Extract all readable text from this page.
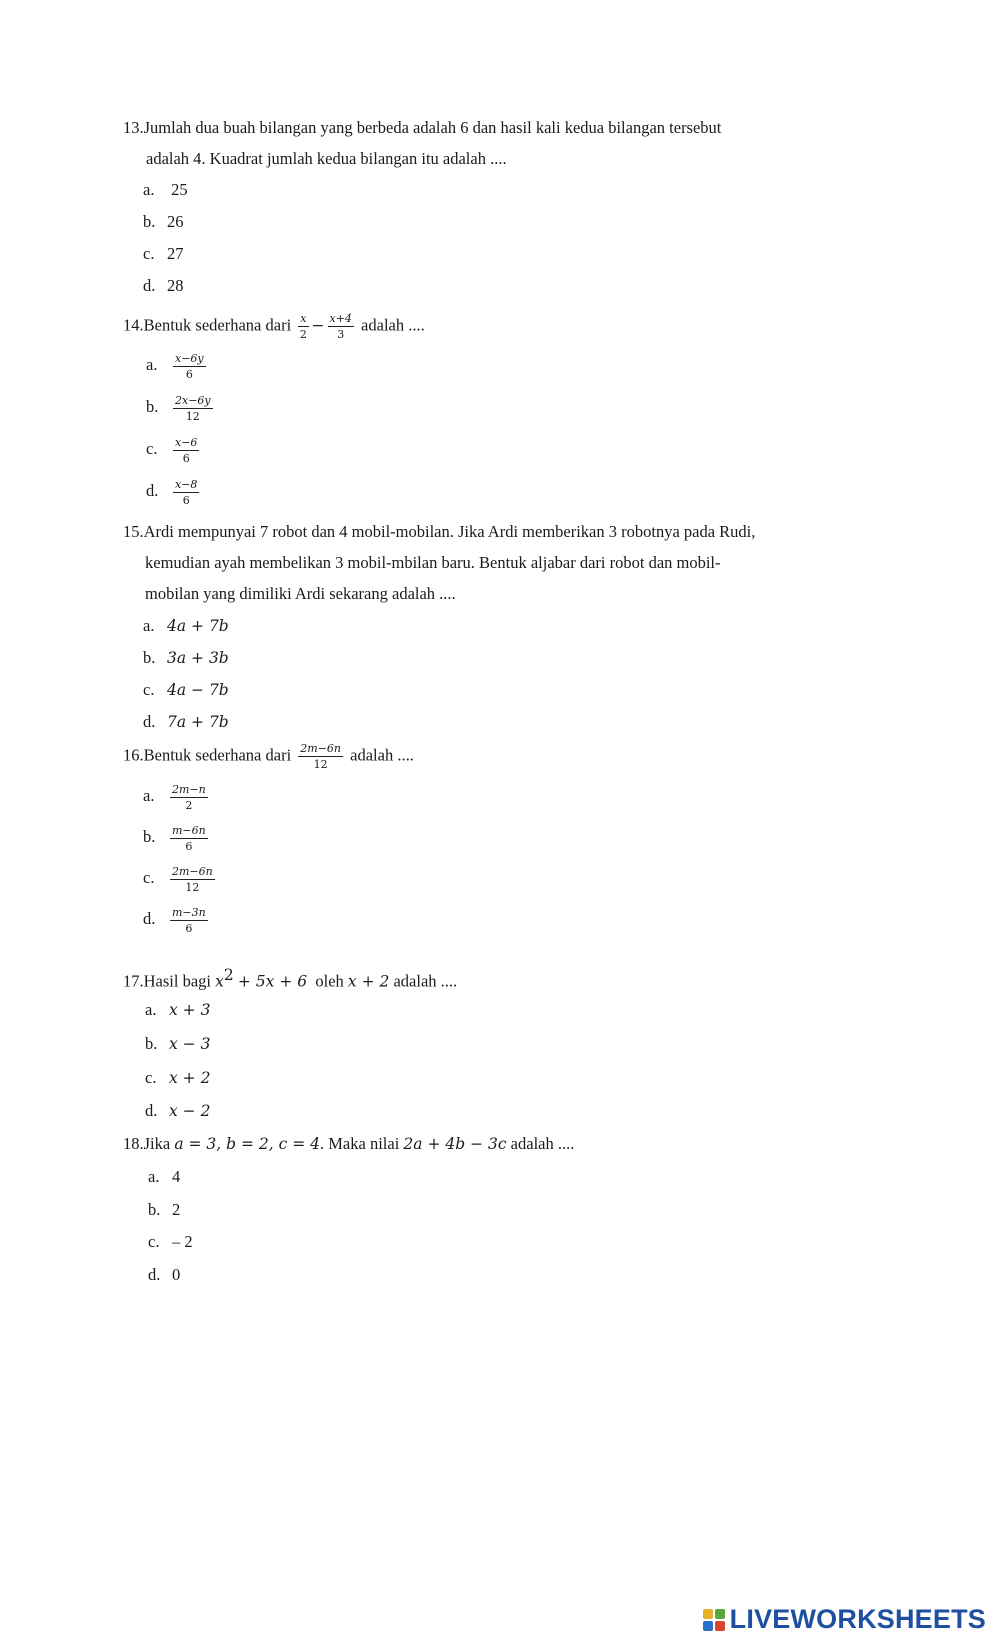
13.Jumlah dua buah bilangan yang berbeda adalah 6 dan hasil kali kedua bilangan tersebut
adalah 4. Kuadrat jumlah kedua bilangan itu adalah ....
a. 25
b. 26
c. 27
d. 28
14.Bentuk sederhana dari $\frac{x}{2} - \frac{x+4}{3}$ adalah ....
a. $\frac{x-6y}{6}$
b. $\frac{2x-6y}{12}$
c. $\frac{x-6}{6}$
d. $\frac{x-8}{6}$
15.Ardi mempunyai 7 robot dan 4 mobil-mobilan. Jika Ardi memberikan 3 robotnya pada Rudi,
kemudian ayah membelikan 3 mobil-mbilan baru. Bentuk aljabar dari robot dan mobil-
mobilan yang dimiliki Ardi sekarang adalah ....
a. 4a + 7b
b. 3a + 3b
c. 4a − 7b
d. 7a + 7b
16.Bentuk sederhana dari $\frac{2m-6n}{12}$ adalah ....
a. $\frac{2m-n}{2}$
b. $\frac{m-6n}{6}$
c. $\frac{2m-6n}{12}$
d. $\frac{m-3n}{6}$
17.Hasil bagi $x^2 + 5x + 6$ oleh x + 2 adalah ....
a. x + 3
b. x − 3
c. x + 2
d. x − 2
18.Jika a = 3, b = 2, c = 4. Maka nilai 2a + 4b − 3c adalah ....
a. 4
b. 2
c. – 2
d. 0
LIVEWORKSHEETS
